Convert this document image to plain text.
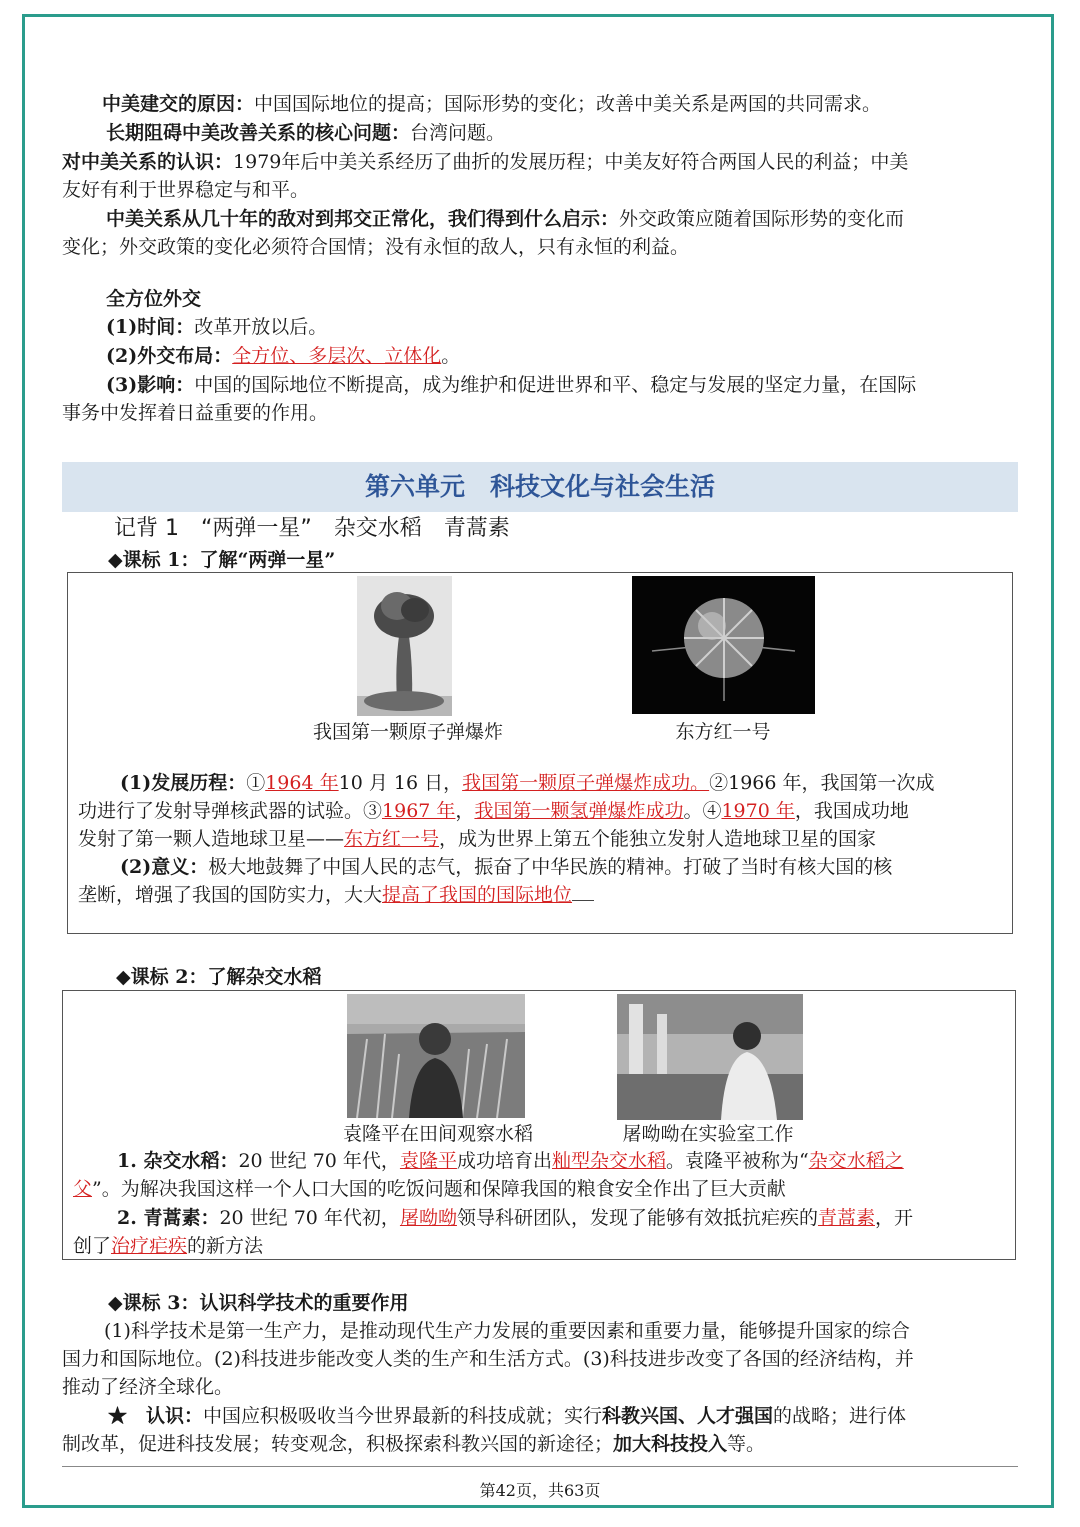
中美建交的原因：中国国际地位的提高；国际形势的变化；改善中美关系是两国的共同需求。
长期阻碍中美改善关系的核心问题：台湾问题。
对中美关系的认识：1979年后中美关系经历了曲折的发展历程；中美友好符合两国人民的利益；中美
友好有利于世界稳定与和平。
中美关系从几十年的敌对到邦交正常化，我们得到什么启示：外交政策应随着国际形势的变化而
变化；外交政策的变化必须符合国情；没有永恒的敌人，只有永恒的利益。
全方位外交
(1)时间：改革开放以后。
(2)外交布局：全方位、多层次、立体化。
(3)影响：中国的国际地位不断提高，成为维护和促进世界和平、稳定与发展的坚定力量，在国际
事务中发挥着日益重要的作用。
第六单元　科技文化与社会生活
记背 1　“两弹一星”　杂交水稻　青蒿素
◆课标 1：了解“两弹一星”
我国第一颗原子弹爆炸	东方红一号
(1)发展历程：①1964 年10 月 16 日，我国第一颗原子弹爆炸成功。②1966 年，我国第一次成
功进行了发射导弹核武器的试验。③1967 年，我国第一颗氢弹爆炸成功。④1970 年，我国成功地
发射了第一颗人造地球卫星——东方红一号，成为世界上第五个能独立发射人造地球卫星的国家
(2)意义：极大地鼓舞了中国人民的志气，振奋了中华民族的精神。打破了当时有核大国的核
垄断，增强了我国的国防实力，大大提高了我国的国际地位
◆课标 2：了解杂交水稻
袁隆平在田间观察水稻	屠呦呦在实验室工作
1. 杂交水稻：20 世纪 70 年代，袁隆平成功培育出籼型杂交水稻。袁隆平被称为“杂交水稻之
父”。为解决我国这样一个人口大国的吃饭问题和保障我国的粮食安全作出了巨大贡献
2. 青蒿素：20 世纪 70 年代初，屠呦呦领导科研团队，发现了能够有效抵抗疟疾的青蒿素，开
创了治疗疟疾的新方法
◆课标 3：认识科学技术的重要作用
(1)科学技术是第一生产力，是推动现代生产力发展的重要因素和重要力量，能够提升国家的综合
国力和国际地位。(2)科技进步能改变人类的生产和生活方式。(3)科技进步改变了各国的经济结构，并
推动了经济全球化。
★　认识：中国应积极吸收当今世界最新的科技成就；实行科教兴国、人才强国的战略；进行体
制改革，促进科技发展；转变观念，积极探索科教兴国的新途径；加大科技投入等。
第42页，共63页
